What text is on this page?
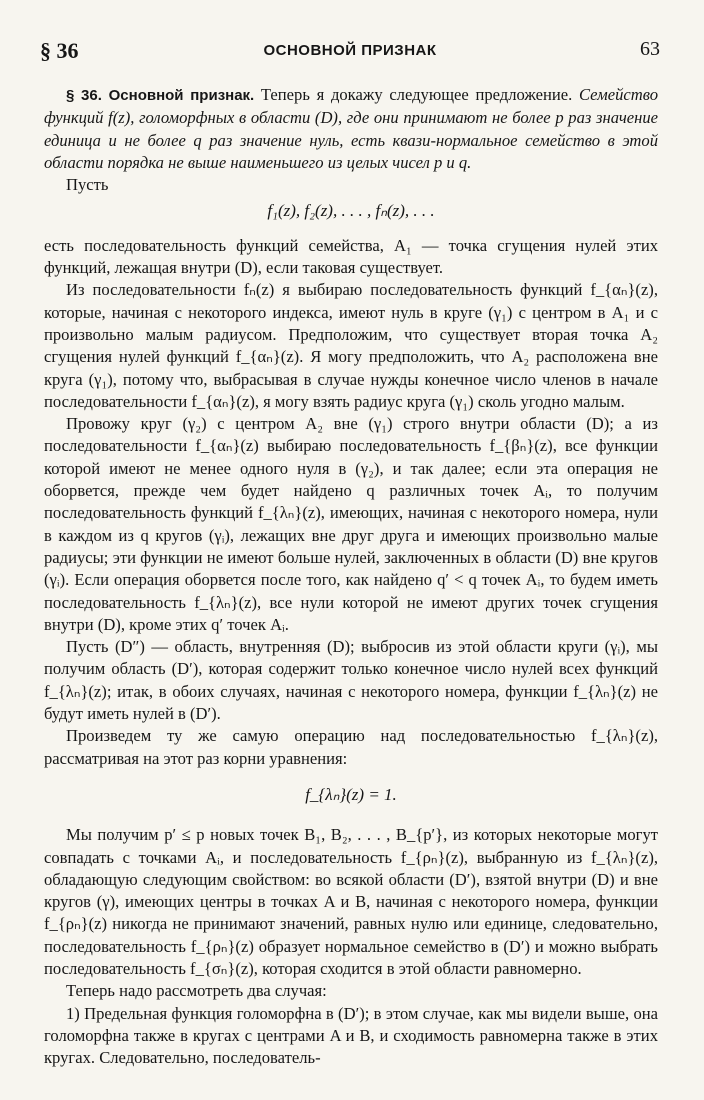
§ 36	ОСНОВНОЙ ПРИЗНАК	63

§ 36. Основной признак. Теперь я докажу следующее предложение. Семейство функций f(z), голоморфных в области (D), где они принимают не более p раз значение единица и не более q раз значение нуль, есть квази-нормальное семейство в этой области порядка не выше наименьшего из целых чисел p и q.

Пусть

f₁(z), f₂(z), . . . , fₙ(z), . . .

есть последовательность функций семейства, A₁ — точка сгущения нулей этих функций, лежащая внутри (D), если таковая существует.

Из последовательности fₙ(z) я выбираю последовательность функций f_{αₙ}(z), которые, начиная с некоторого индекса, имеют нуль в круге (γ₁) с центром в A₁ и с произвольно малым радиусом. Предположим, что существует вторая точка A₂ сгущения нулей функций f_{αₙ}(z). Я могу предположить, что A₂ расположена вне круга (γ₁), потому что, выбрасывая в случае нужды конечное число членов в начале последовательности f_{αₙ}(z), я могу взять радиус круга (γ₁) сколь угодно малым.

Провожу круг (γ₂) с центром A₂ вне (γ₁) строго внутри области (D); а из последовательности f_{αₙ}(z) выбираю последовательность f_{βₙ}(z), все функции которой имеют не менее одного нуля в (γ₂), и так далее; если эта операция не оборвется, прежде чем будет найдено q различных точек Aᵢ, то получим последовательность функций f_{λₙ}(z), имеющих, начиная с некоторого номера, нули в каждом из q кругов (γᵢ), лежащих вне друг друга и имеющих произвольно малые радиусы; эти функции не имеют больше нулей, заключенных в области (D) вне кругов (γᵢ). Если операция оборвется после того, как найдено q′ < q точек Aᵢ, то будем иметь последовательность f_{λₙ}(z), все нули которой не имеют других точек сгущения внутри (D), кроме этих q′ точек Aᵢ.

Пусть (D″) — область, внутренняя (D); выбросив из этой области круги (γᵢ), мы получим область (D′), которая содержит только конечное число нулей всех функций f_{λₙ}(z); итак, в обоих случаях, начиная с некоторого номера, функции f_{λₙ}(z) не будут иметь нулей в (D′).

Произведем ту же самую операцию над последовательностью f_{λₙ}(z), рассматривая на этот раз корни уравнения:

f_{λₙ}(z) = 1.

Мы получим p′ ≤ p новых точек B₁, B₂, . . . , B_{p′}, из которых некоторые могут совпадать с точками Aᵢ, и последовательность f_{ρₙ}(z), выбранную из f_{λₙ}(z), обладающую следующим свойством: во всякой области (D′), взятой внутри (D) и вне кругов (γ), имеющих центры в точках A и B, начиная с некоторого номера, функции f_{ρₙ}(z) никогда не принимают значений, равных нулю или единице, следовательно, последовательность f_{ρₙ}(z) образует нормальное семейство в (D′) и можно выбрать последовательность f_{σₙ}(z), которая сходится в этой области равномерно.

Теперь надо рассмотреть два случая:

1) Предельная функция голоморфна в (D′); в этом случае, как мы видели выше, она голоморфна также в кругах с центрами A и B, и сходимость равномерна также в этих кругах. Следовательно, последователь-
